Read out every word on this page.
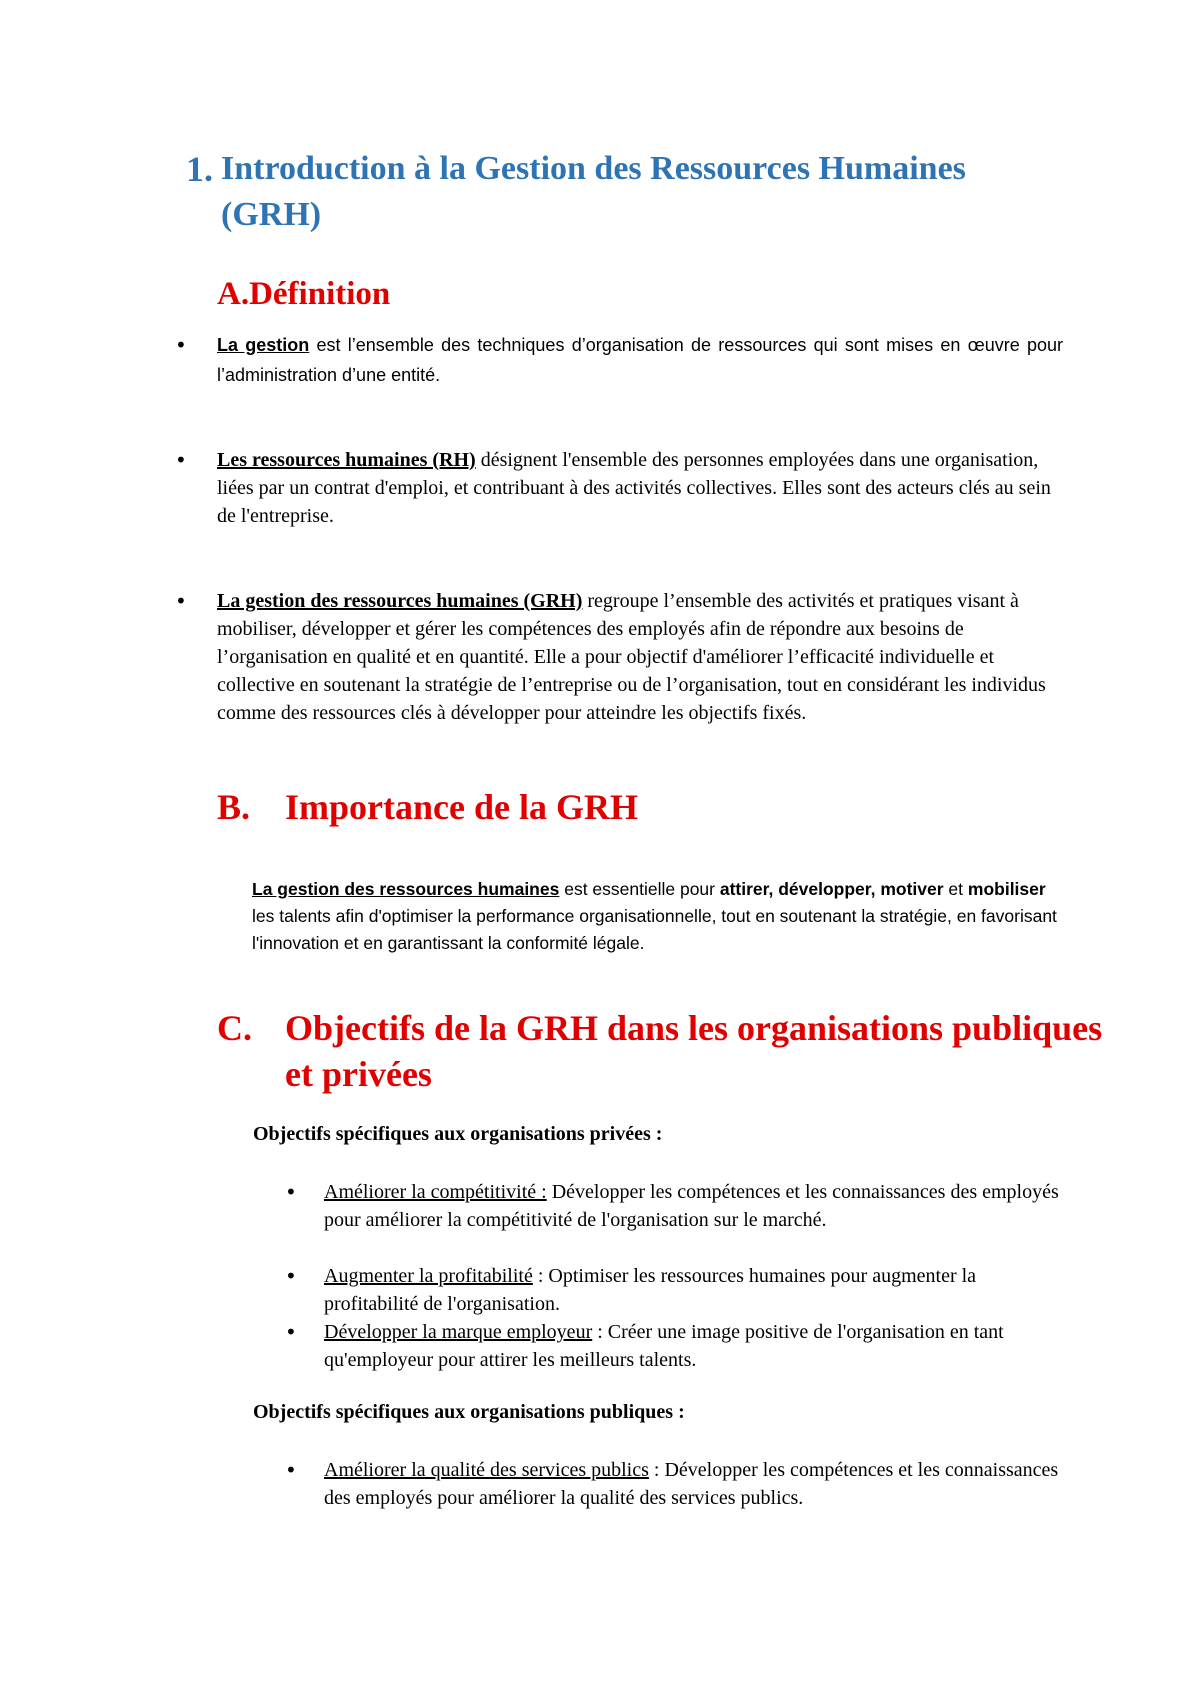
1. Introduction à la Gestion des Ressources Humaines (GRH)
A.Définition
• La gestion est l’ensemble des techniques d’organisation de ressources qui sont mises en œuvre pour l’administration d’une entité.
• Les ressources humaines (RH) désignent l'ensemble des personnes employées dans une organisation, liées par un contrat d'emploi, et contribuant à des activités collectives. Elles sont des acteurs clés au sein de l'entreprise.
• La gestion des ressources humaines (GRH) regroupe l’ensemble des activités et pratiques visant à mobiliser, développer et gérer les compétences des employés afin de répondre aux besoins de l’organisation en qualité et en quantité. Elle a pour objectif d'améliorer l’efficacité individuelle et collective en soutenant la stratégie de l’entreprise ou de l’organisation, tout en considérant les individus comme des ressources clés à développer pour atteindre les objectifs fixés.
B. Importance de la GRH
La gestion des ressources humaines est essentielle pour attirer, développer, motiver et mobiliser les talents afin d'optimiser la performance organisationnelle, tout en soutenant la stratégie, en favorisant l'innovation et en garantissant la conformité légale.
C. Objectifs de la GRH dans les organisations publiques et privées
Objectifs spécifiques aux organisations privées :
• Améliorer la compétitivité : Développer les compétences et les connaissances des employés pour améliorer la compétitivité de l'organisation sur le marché.
• Augmenter la profitabilité : Optimiser les ressources humaines pour augmenter la profitabilité de l'organisation.
• Développer la marque employeur : Créer une image positive de l'organisation en tant qu'employeur pour attirer les meilleurs talents.
Objectifs spécifiques aux organisations publiques :
• Améliorer la qualité des services publics : Développer les compétences et les connaissances des employés pour améliorer la qualité des services publics.
